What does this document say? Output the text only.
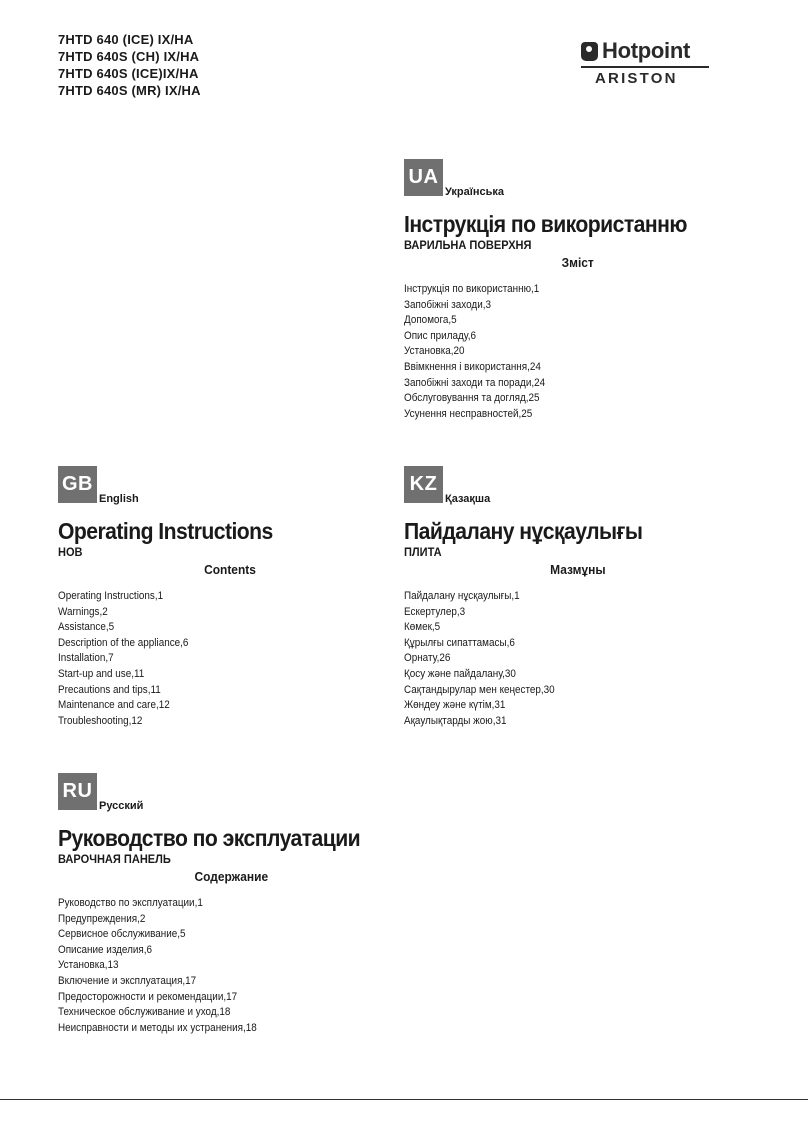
7HTD 640 (ICE) IX/HA
7HTD 640S (CH) IX/HA
7HTD 640S (ICE)IX/HA
7HTD 640S (MR) IX/HA
Hotpoint
ARISTON
UA
Українська
Інструкція по використанню
ВАРИЛЬНА ПОВЕРХНЯ
Зміст
Інструкція по використанню,1
Запобіжні заходи,3
Допомога,5
Опис приладу,6
Установка,20
Ввімкнення і використання,24
Запобіжні заходи та поради,24
Обслуговування та догляд,25
Усунення несправностей,25
GB
English
Operating Instructions
HOB
Contents
Operating Instructions,1
Warnings,2
Assistance,5
Description of the appliance,6
Installation,7
Start-up and use,11
Precautions and tips,11
Maintenance and care,12
Troubleshooting,12
KZ
Қазақша
Пайдалану нұсқаулығы
ПЛИТА
Мазмұны
Пайдалану нұсқаулығы,1
Ескертулер,3
Көмек,5
Құрылғы сипаттамасы,6
Орнату,26
Қосу және пайдалану,30
Сақтандырулар мен кеңестер,30
Жөндеу және күтім,31
Ақаулықтарды жою,31
RU
Русский
Руководство по эксплуатации
ВАРОЧНАЯ ПАНЕЛЬ
Содержание
Руководство по эксплуатации,1
Предупреждения,2
Сервисное обслуживание,5
Описание изделия,6
Установка,13
Включение и эксплуатация,17
Предосторожности и рекомендации,17
Техническое обслуживание и уход,18
Неисправности и методы их устранения,18
